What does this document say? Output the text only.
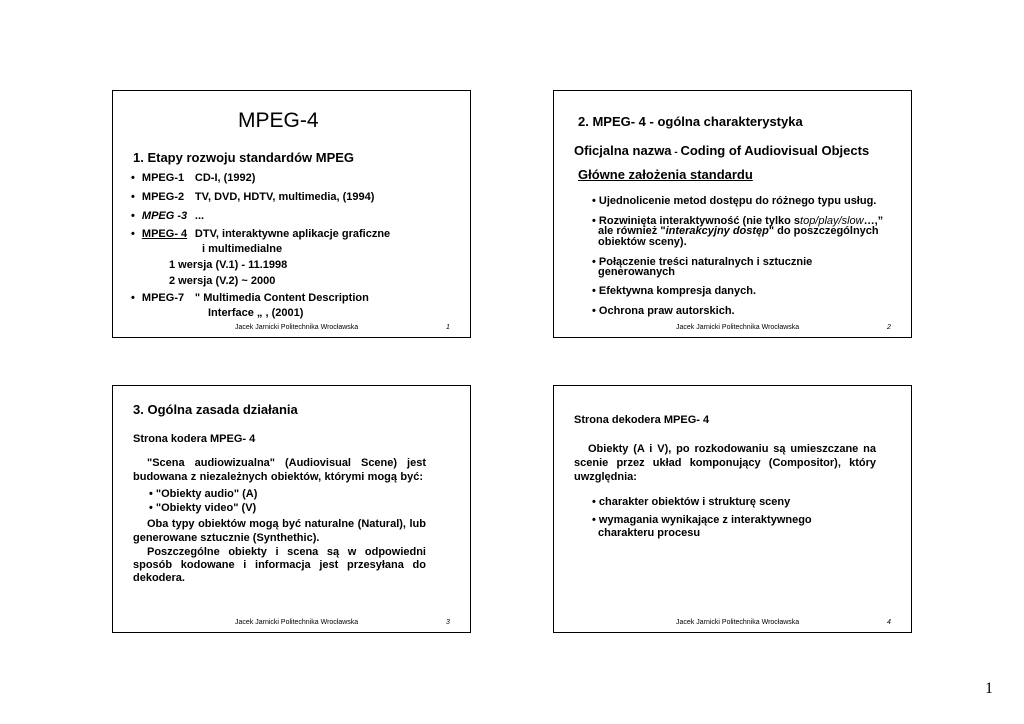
MPEG-4
1. Etapy rozwoju standardów MPEG
• MPEG-1 CD-I, (1992)
• MPEG-2 TV, DVD, HDTV, multimedia, (1994)
• MPEG -3 ...
• MPEG- 4 DTV, interaktywne aplikacje graficzne
i multimedialne
1 wersja (V.1) - 11.1998
2 wersja (V.2) ~ 2000
• MPEG-7 " Multimedia Content Description
Interface „ , (2001)
Jacek Jarnicki Politechnika Wrocławska	1
2. MPEG- 4 - ogólna charakterystyka
Oficjalna nazwa - Coding of Audiovisual Objects
Główne założenia standardu
• Ujednolicenie metod dostępu do różnego typu usług.
• Rozwinięta interaktywność (nie tylko stop/play/slow…,”
ale również "interakcyjny dostęp" do poszczególnych
obiektów sceny).
• Połączenie treści naturalnych i sztucznie
generowanych
• Efektywna kompresja danych.
• Ochrona praw autorskich.
Jacek Jarnicki Politechnika Wrocławska	2
3. Ogólna zasada działania
Strona kodera MPEG- 4
"Scena audiowizualna" (Audiovisual Scene) jest
budowana z niezależnych obiektów, którymi mogą być:
• "Obiekty audio" (A)
• "Obiekty video" (V)
Oba typy obiektów mogą być naturalne (Natural), lub
generowane sztucznie (Synthethic).
Poszczególne obiekty i scena są w odpowiedni
sposób kodowane i informacja jest przesyłana do
dekodera.
Jacek Jarnicki Politechnika Wrocławska	3
Strona dekodera MPEG- 4
Obiekty (A i V), po rozkodowaniu są umieszczane na
scenie przez układ komponujący (Compositor), który
uwzględnia:
• charakter obiektów i strukturę sceny
• wymagania wynikające z interaktywnego
charakteru procesu
Jacek Jarnicki Politechnika Wrocławska	4
1
